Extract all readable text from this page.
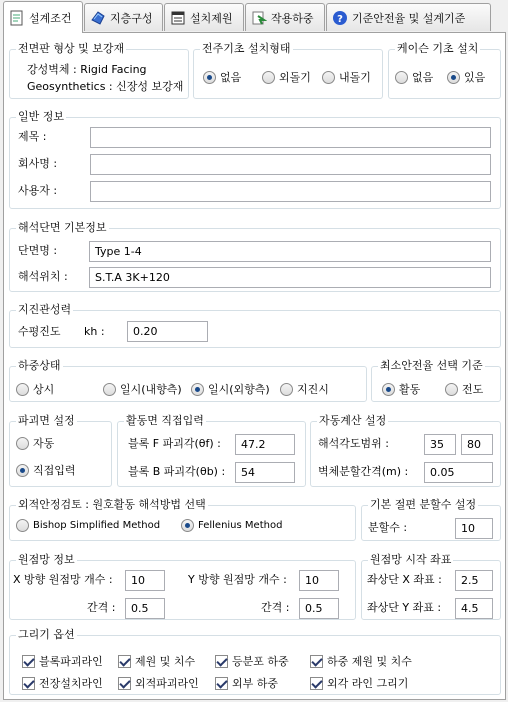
설계조건	지층구성	설치제원	작용하중 ? 기준안전율 및 설계기준
전면판 형상 및 보강재
강성벽체 : Rigid Facing
Geosynthetics : 신장성 보강재
전주기초 설치형태
없음	외돌기	내돌기
케이슨 기초 설치
없음	있음
일반 정보
제목 :
회사명 :
사용자 :
해석단면 기본정보
단면명 :	Type 1-4
해석위치 :	S.T.A 3K+120
지진관성력
수평진도 kh :	0.20
하중상태
상시	일시(내향측) 일시(외향측) 지진시
최소안전율 선택 기준
활동	전도
파괴면 설정
자동
직접입력
활동면 직접입력
블록 F 파괴각(θf) :	47.2
블록 B 파괴각(θb) :	54
자동계산 설정
해석각도범위 :	35	80
벽체분할간격(m) :	0.05
외적안정검토 : 원호활동 해석방법 선택
Bishop Simplified Method	Fellenius Method
기본 절편 분할수 설정
분할수 :	10
원점망 정보
X 방향 원점망 개수 :	10	Y 방향 원점망 개수 :	10
간격 :	0.5	간격 :	0.5
원점망 시작 좌표
좌상단 X 좌표 :	2.5
좌상단 Y 좌표 :	4.5
그리기 옵션
블록파괴라인	제원 및 치수	등분포 하중	하중 제원 및 치수
전장설치라인	외적파괴라인	외부 하중	외각 라인 그리기
